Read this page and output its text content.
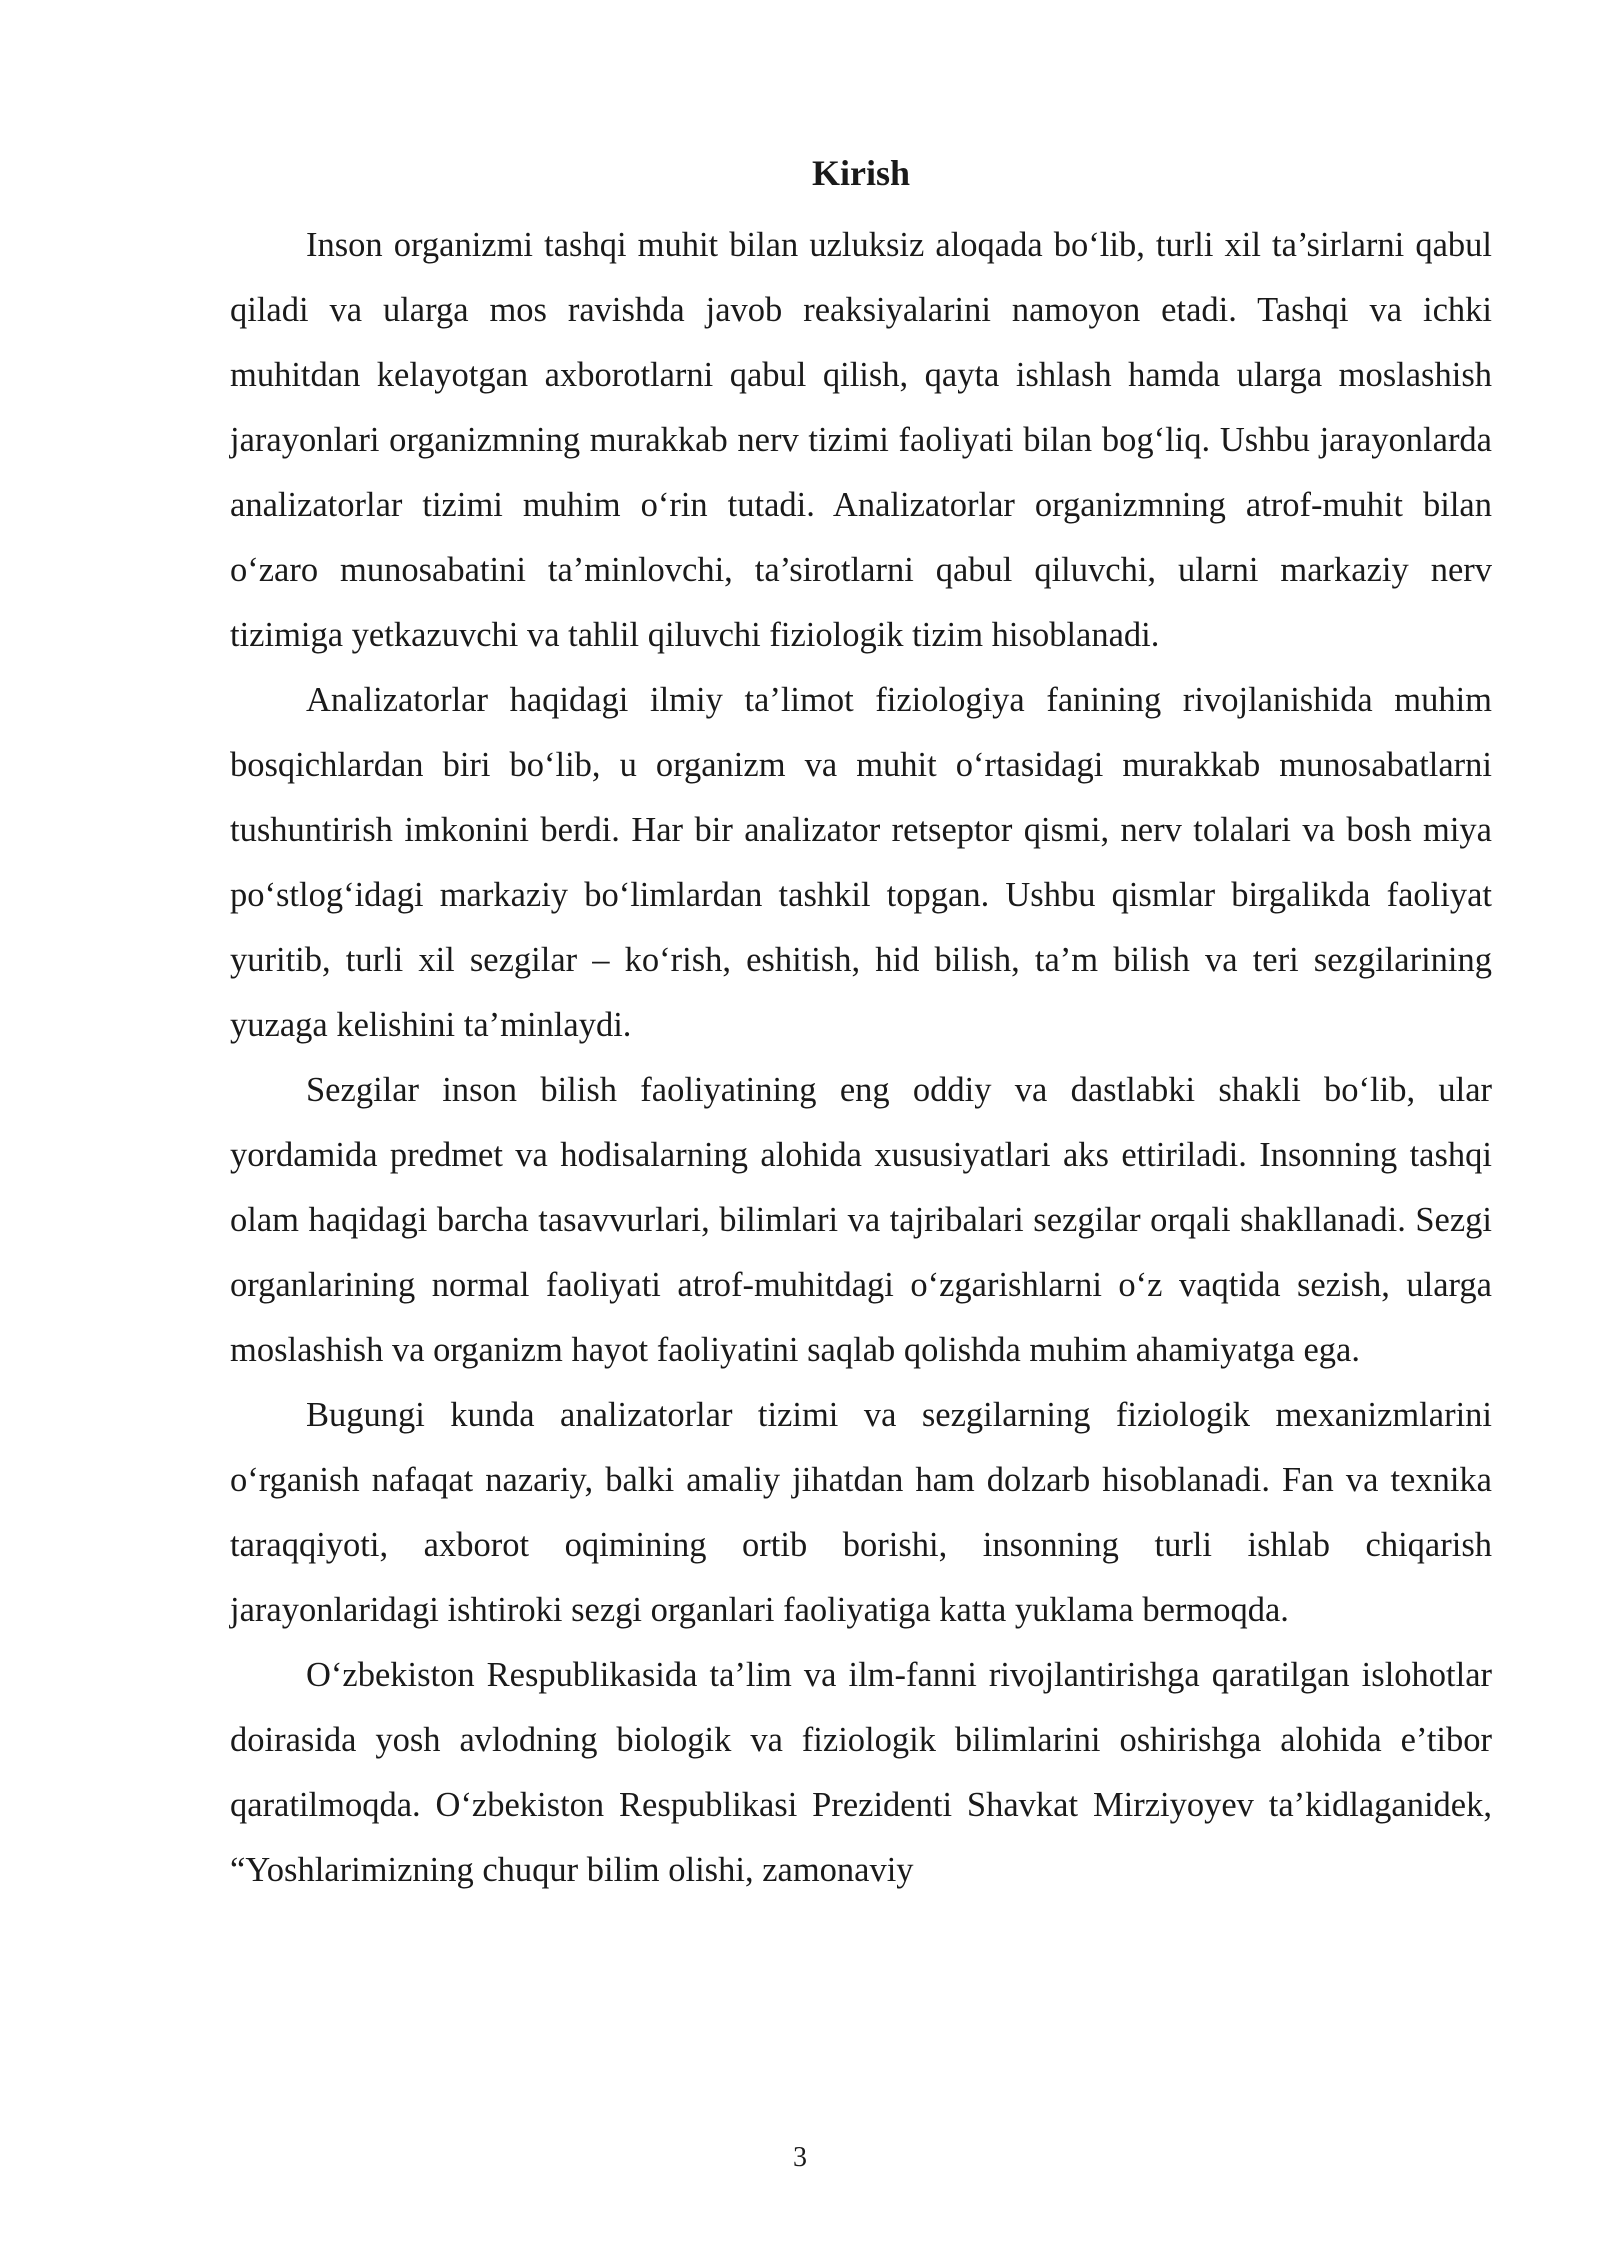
Kirish

Inson organizmi tashqi muhit bilan uzluksiz aloqada bo‘lib, turli xil ta’sirlarni qabul qiladi va ularga mos ravishda javob reaksiyalarini namoyon etadi. Tashqi va ichki muhitdan kelayotgan axborotlarni qabul qilish, qayta ishlash hamda ularga moslashish jarayonlari organizmning murakkab nerv tizimi faoliyati bilan bog‘liq. Ushbu jarayonlarda analizatorlar tizimi muhim o‘rin tutadi. Analizatorlar organizmning atrof-muhit bilan o‘zaro munosabatini ta’minlovchi, ta’sirotlarni qabul qiluvchi, ularni markaziy nerv tizimiga yetkazuvchi va tahlil qiluvchi fiziologik tizim hisoblanadi.

Analizatorlar haqidagi ilmiy ta’limot fiziologiya fanining rivojlanishida muhim bosqichlardan biri bo‘lib, u organizm va muhit o‘rtasidagi murakkab munosabatlarni tushuntirish imkonini berdi. Har bir analizator retseptor qismi, nerv tolalari va bosh miya po‘stlog‘idagi markaziy bo‘limlardan tashkil topgan. Ushbu qismlar birgalikda faoliyat yuritib, turli xil sezgilar – ko‘rish, eshitish, hid bilish, ta’m bilish va teri sezgilarining yuzaga kelishini ta’minlaydi.

Sezgilar inson bilish faoliyatining eng oddiy va dastlabki shakli bo‘lib, ular yordamida predmet va hodisalarning alohida xususiyatlari aks ettiriladi. Insonning tashqi olam haqidagi barcha tasavvurlari, bilimlari va tajribalari sezgilar orqali shakllanadi. Sezgi organlarining normal faoliyati atrof-muhitdagi o‘zgarishlarni o‘z vaqtida sezish, ularga moslashish va organizm hayot faoliyatini saqlab qolishda muhim ahamiyatga ega.

Bugungi kunda analizatorlar tizimi va sezgilarning fiziologik mexanizmlarini o‘rganish nafaqat nazariy, balki amaliy jihatdan ham dolzarb hisoblanadi. Fan va texnika taraqqiyoti, axborot oqimining ortib borishi, insonning turli ishlab chiqarish jarayonlaridagi ishtiroki sezgi organlari faoliyatiga katta yuklama bermoqda.

O‘zbekiston Respublikasida ta’lim va ilm-fanni rivojlantirishga qaratilgan islohotlar doirasida yosh avlodning biologik va fiziologik bilimlarini oshirishga alohida e’tibor qaratilmoqda. O‘zbekiston Respublikasi Prezidenti Shavkat Mirziyoyev ta’kidlaganidek, “Yoshlarimizning chuqur bilim olishi, zamonaviy

3
